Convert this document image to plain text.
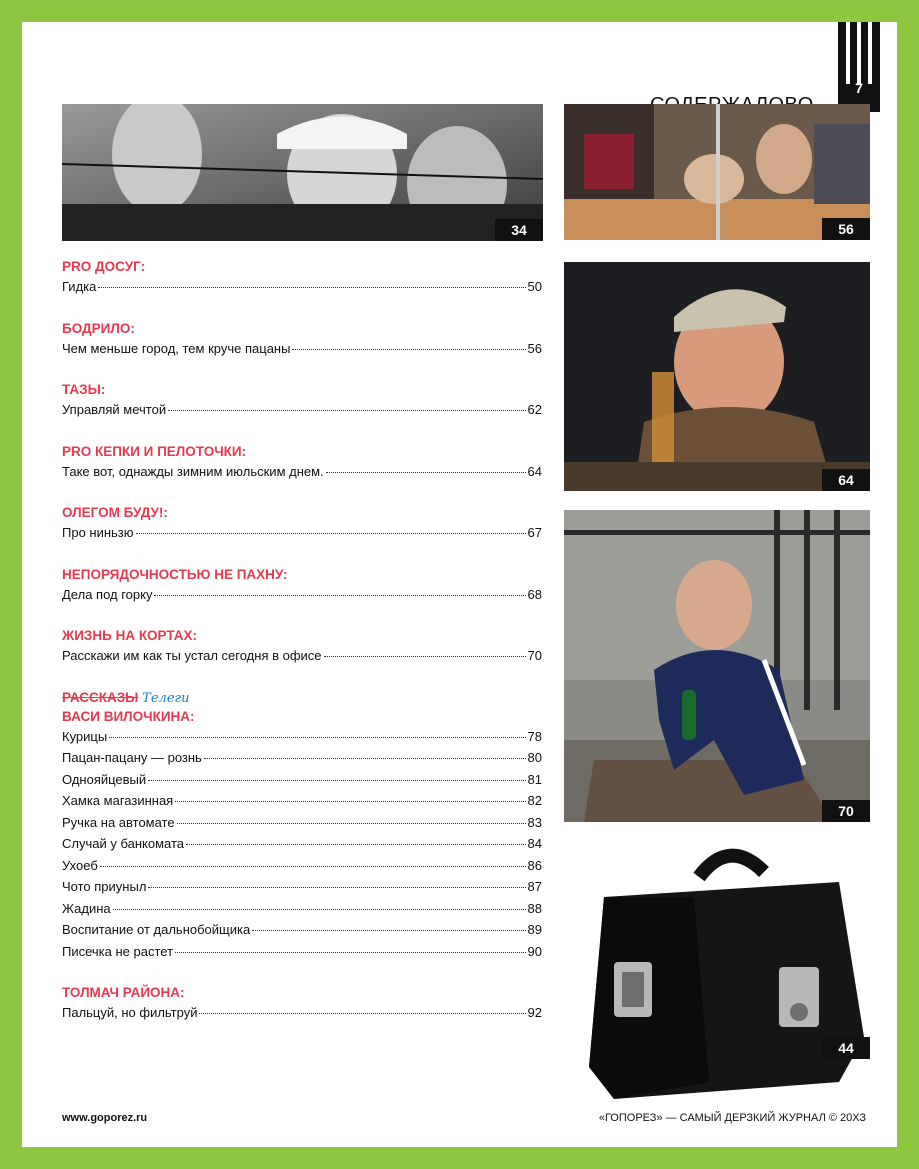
7
34	56
64
70
44
PRO ДОСУГ:
Гидка	50
БОДРИЛО:
Чем меньше город, тем круче пацаны	56
ТАЗЫ:
Управляй мечтой	62
PRO КЕПКИ И ПЕЛОТОЧКИ:
Таке вот, однажды зимним июльским днем.	64
ОЛЕГОМ БУДУ!:
Про ниньзю	67
НЕПОРЯДОЧНОСТЬЮ НЕ ПАХНУ:
Дела под горку	68
ЖИЗНЬ НА КОРТАХ:
Расскажи им как ты устал сегодня в офисе	70
РАССКАЗЫ Телеги
ВАСИ ВИЛОЧКИНА:
Курицы	78
Пацан-пацану — рознь	80
Однояйцевый	81
Хамка магазинная	82
Ручка на автомате	83
Случай у банкомата	84
Ухоеб	86
Чото приуныл	87
Жадина	88
Воспитание от дальнобойщика	89
Писечка не растет	90
ТОЛМАЧ РАЙОНА:
Пальцуй, но фильтруй	92
www.goporez.ru	«ГОПОРЕЗ» — САМЫЙ ДЕРЗКИЙ ЖУРНАЛ © 20ХЗ
